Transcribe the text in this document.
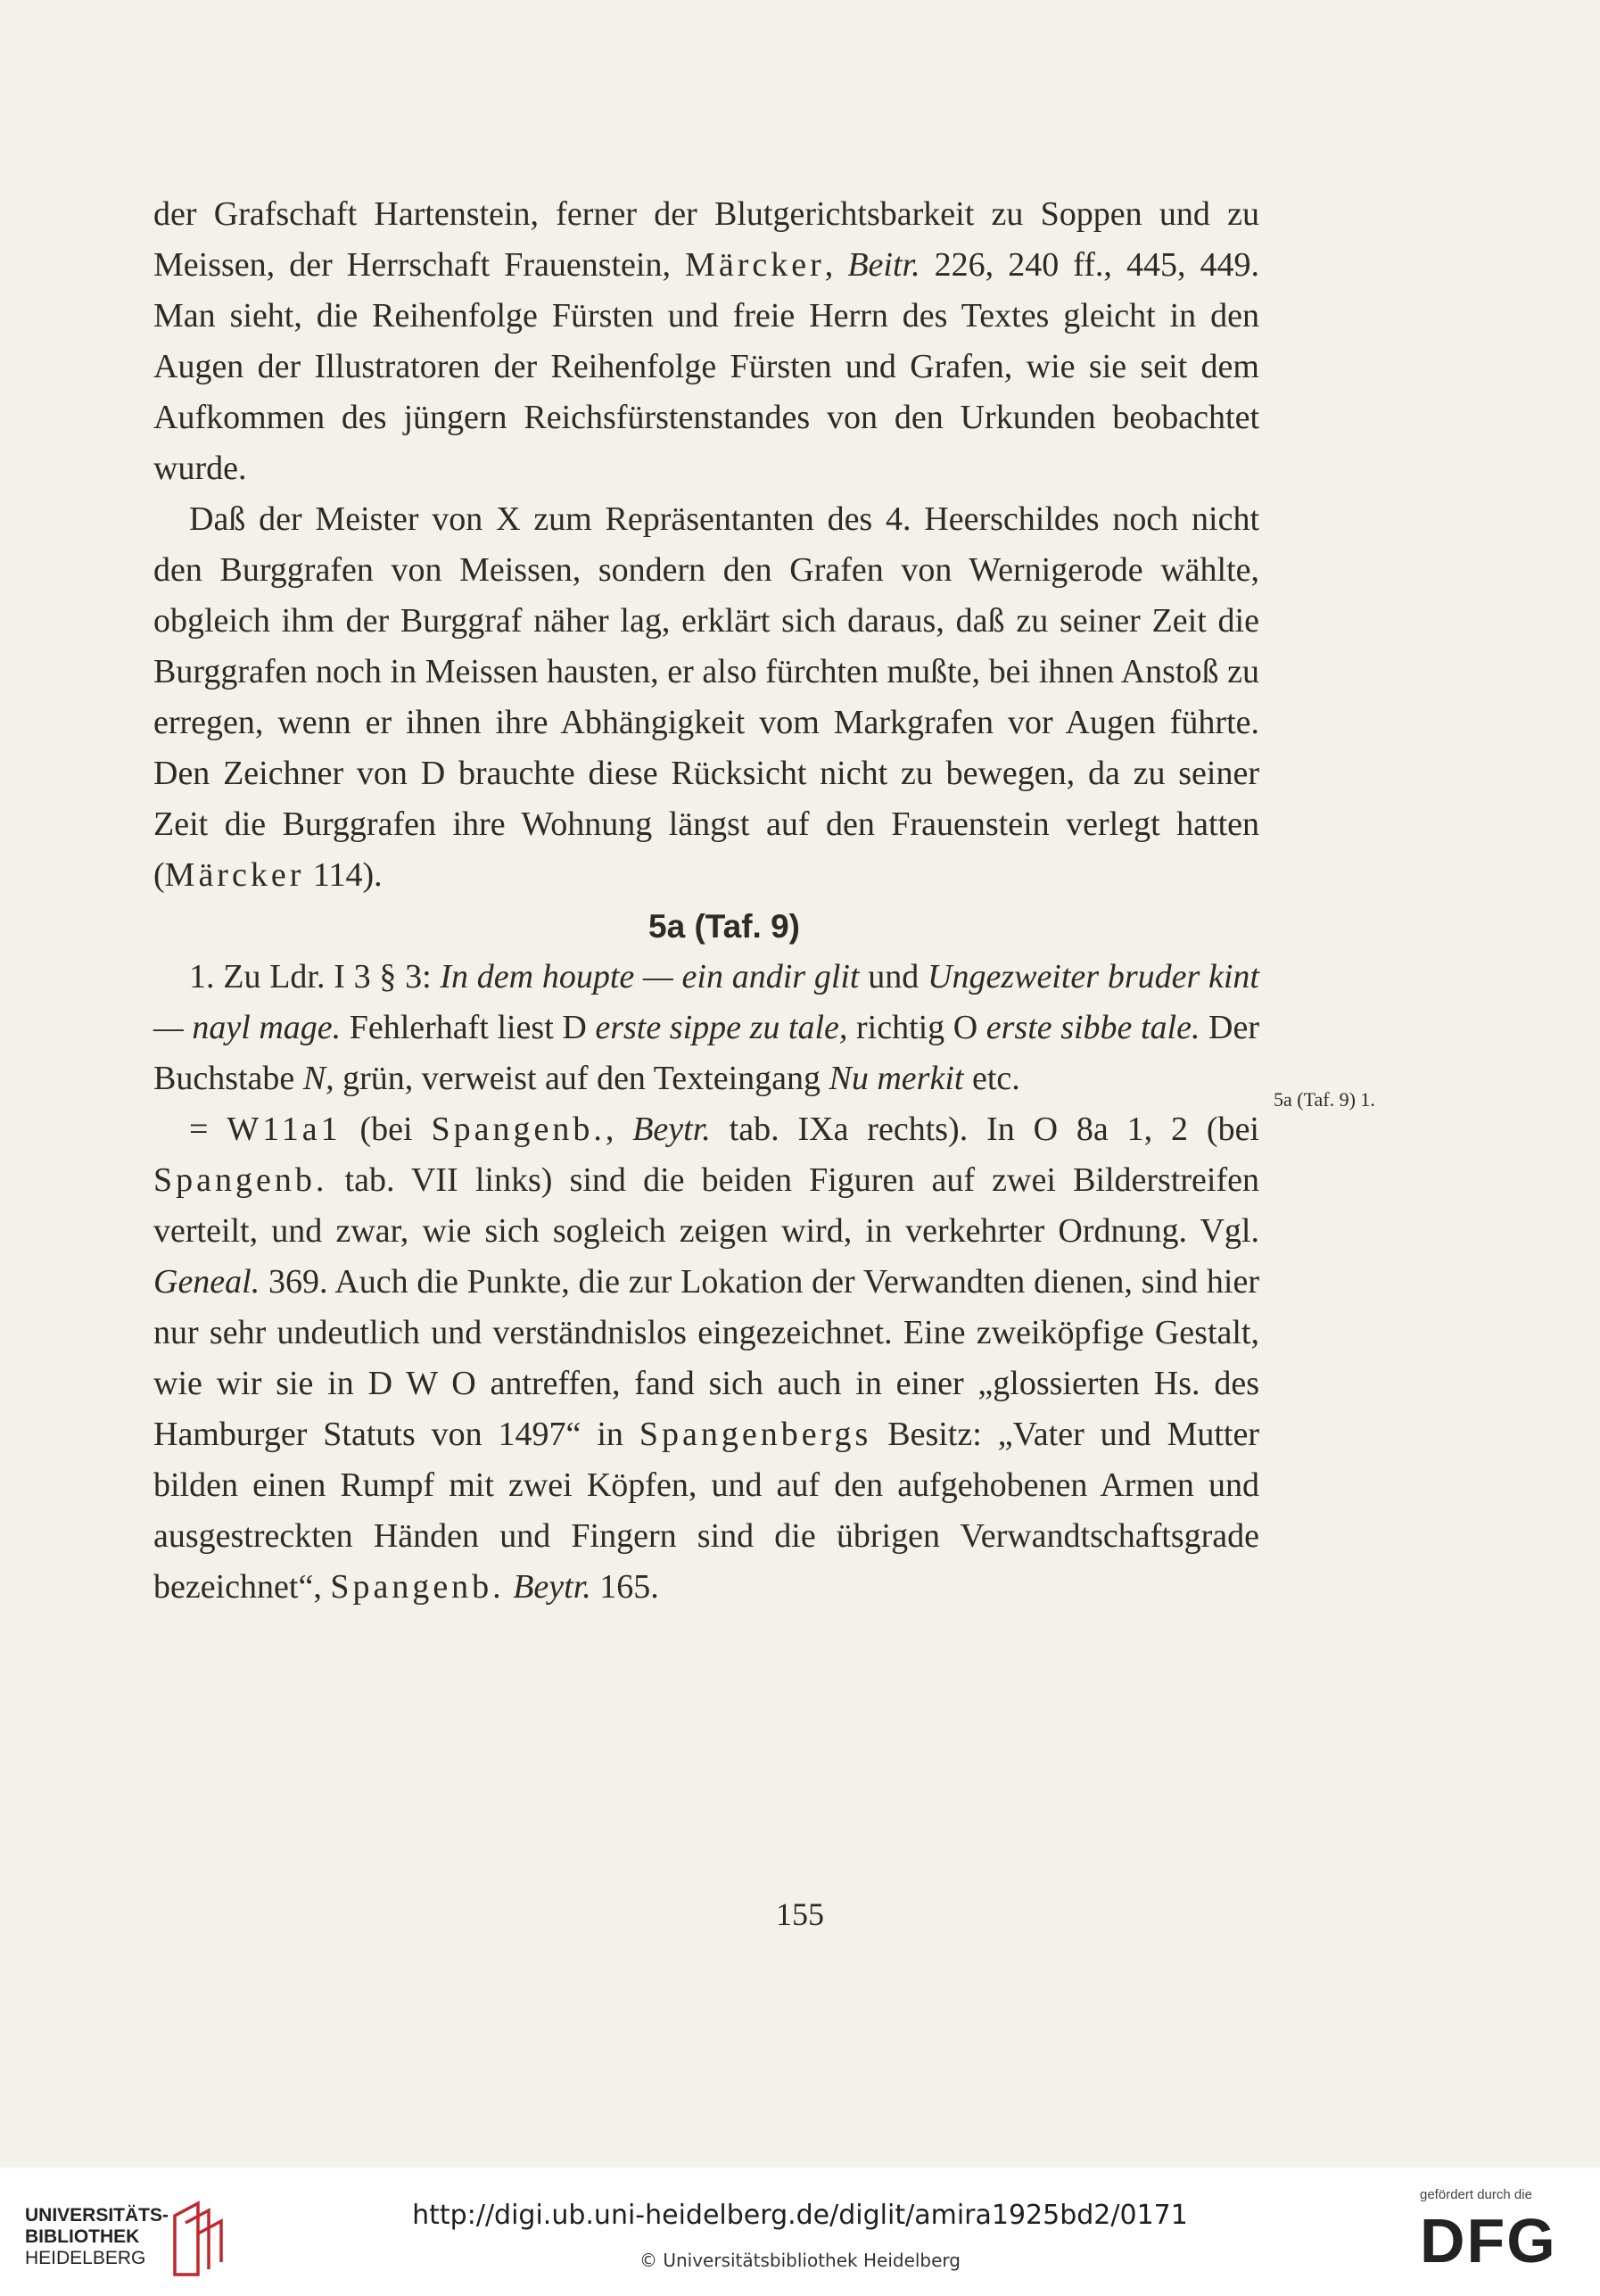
der Grafschaft Hartenstein, ferner der Blutgerichtsbarkeit zu Soppen und zu Meissen, der Herrschaft Frauenstein, Märcker, Beitr. 226, 240 ff., 445, 449. Man sieht, die Reihenfolge Fürsten und freie Herrn des Textes gleicht in den Augen der Illustratoren der Reihenfolge Fürsten und Grafen, wie sie seit dem Aufkommen des jüngern Reichsfürstenstandes von den Urkunden beobachtet wurde.

Daß der Meister von X zum Repräsentanten des 4. Heerschildes noch nicht den Burggrafen von Meissen, sondern den Grafen von Wernigerode wählte, obgleich ihm der Burggraf näher lag, erklärt sich daraus, daß zu seiner Zeit die Burggrafen noch in Meissen hausten, er also fürchten mußte, bei ihnen Anstoß zu erregen, wenn er ihnen ihre Abhängigkeit vom Markgrafen vor Augen führte. Den Zeichner von D brauchte diese Rücksicht nicht zu bewegen, da zu seiner Zeit die Burggrafen ihre Wohnung längst auf den Frauenstein verlegt hatten (Märcker 114).

5a (Taf. 9)

1. Zu Ldr. I 3 § 3: In dem houpte — ein andir glit und Ungezweiter bruder kint — nayl mage. Fehlerhaft liest D erste sippe zu tale, richtig O erste sibbe tale. Der Buchstabe N, grün, verweist auf den Texteingang Nu merkit etc.

= W11a1 (bei Spangenb., Beytr. tab. IXa rechts). In O 8a 1, 2 (bei Spangenb. tab. VII links) sind die beiden Figuren auf zwei Bilderstreifen verteilt, und zwar, wie sich sogleich zeigen wird, in verkehrter Ordnung. Vgl. Geneal. 369. Auch die Punkte, die zur Lokation der Verwandten dienen, sind hier nur sehr undeutlich und verständnislos eingezeichnet. Eine zweiköpfige Gestalt, wie wir sie in D W O antreffen, fand sich auch in einer „glossierten Hs. des Hamburger Statuts von 1497“ in Spangenbergs Besitz: „Vater und Mutter bilden einen Rumpf mit zwei Köpfen, und auf den aufgehobenen Armen und ausgestreckten Händen und Fingern sind die übrigen Verwandtschaftsgrade bezeichnet“, Spangenb. Beytr. 165.

5a (Taf. 9) 1.
155
UNIVERSITÄTS-
BIBLIOTHEK
HEIDELBERG
http://digi.ub.uni-heidelberg.de/diglit/amira1925bd2/0171
© Universitätsbibliothek Heidelberg
gefördert durch die
DFG
